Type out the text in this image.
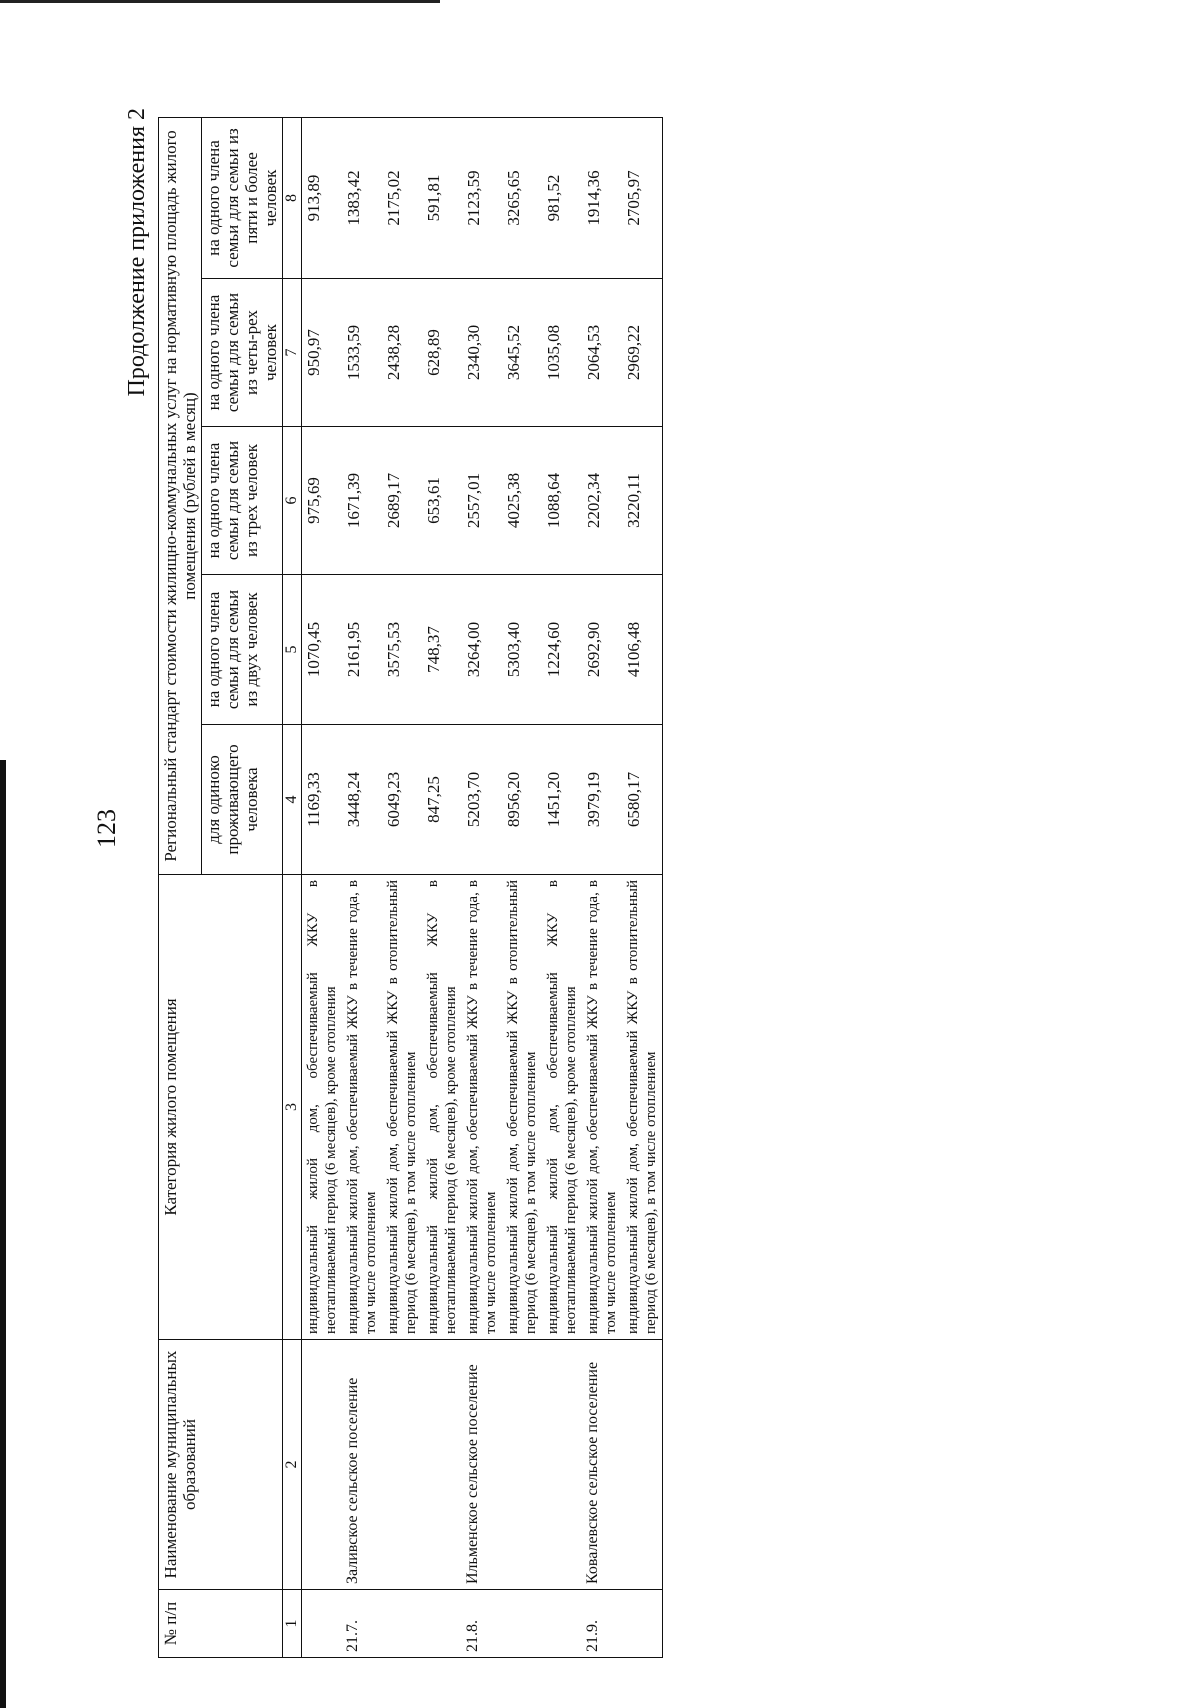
123
Продолжение приложения 2
№ п/п	Наименование муниципальных образований	Категория жилого помещения	Региональный стандарт стоимости жилищно-коммунальных услуг на нормативную площадь жилого помещения (рублей в месяц)				
			для одиноко проживающего человека	на одного члена семьи для семьи из двух человек	на одного члена семьи для семьи из трех человек	на одного члена семьи для семьи из четы-рех человек	на одного члена семьи для семьи из пяти и более человек
1	2	3	4	5	6	7	8
		индивидуальный жилой дом, обеспечиваемый ЖКУ в неотапливаемый период (6 месяцев), кроме отопления	1169,33	1070,45	975,69	950,97	913,89
21.7.	Заливское сельское поселение	индивидуальный жилой дом, обеспечиваемый ЖКУ в течение года, в том числе отоплением	3448,24	2161,95	1671,39	1533,59	1383,42
		индивидуальный жилой дом, обеспечиваемый ЖКУ в отопительный период (6 месяцев), в том числе отоплением	6049,23	3575,53	2689,17	2438,28	2175,02
		индивидуальный жилой дом, обеспечиваемый ЖКУ в неотапливаемый период (6 месяцев), кроме отопления	847,25	748,37	653,61	628,89	591,81
21.8.	Ильменское сельское поселение	индивидуальный жилой дом, обеспечиваемый ЖКУ в течение года, в том числе отоплением	5203,70	3264,00	2557,01	2340,30	2123,59
		индивидуальный жилой дом, обеспечиваемый ЖКУ в отопительный период (6 месяцев), в том числе отоплением	8956,20	5303,40	4025,38	3645,52	3265,65
		индивидуальный жилой дом, обеспечиваемый ЖКУ в неотапливаемый период (6 месяцев), кроме отопления	1451,20	1224,60	1088,64	1035,08	981,52
21.9.	Ковалевское сельское поселение	индивидуальный жилой дом, обеспечиваемый ЖКУ в течение года, в том числе отоплением	3979,19	2692,90	2202,34	2064,53	1914,36
		индивидуальный жилой дом, обеспечиваемый ЖКУ в отопительный период (6 месяцев), в том числе отоплением	6580,17	4106,48	3220,11	2969,22	2705,97
